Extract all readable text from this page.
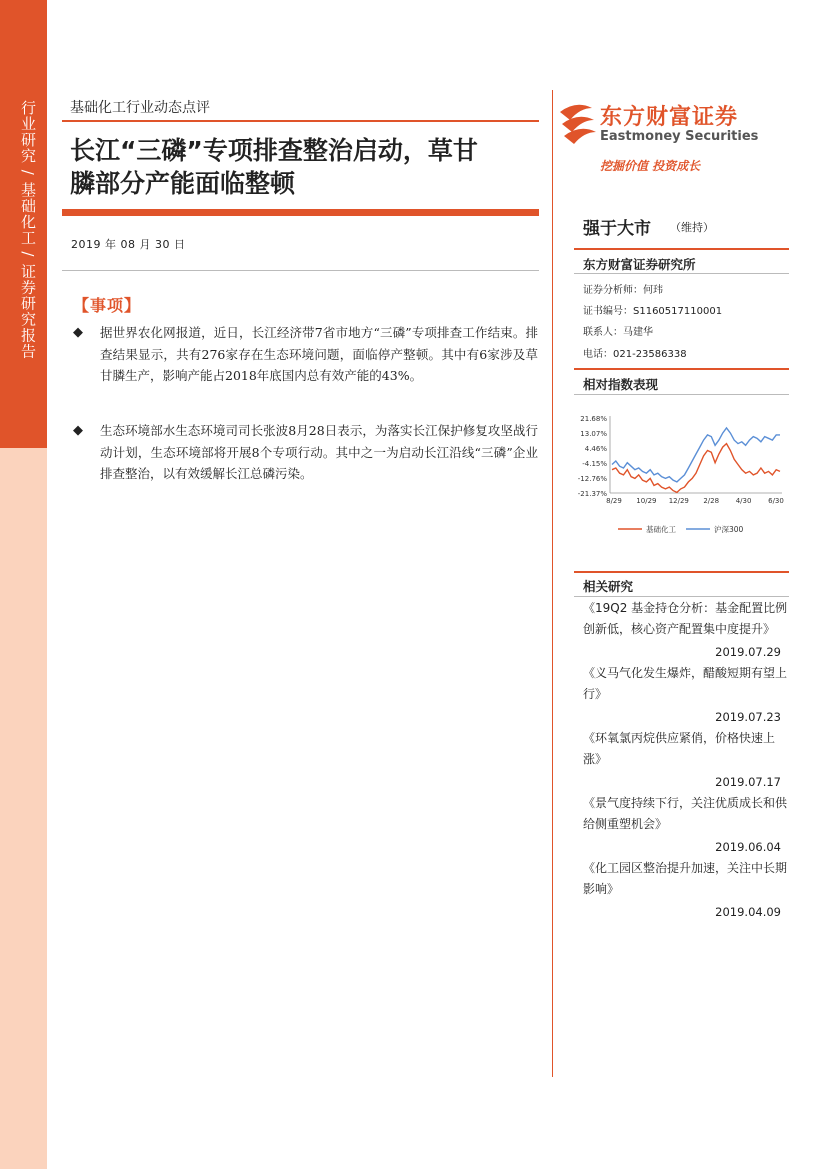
行业研究 / 基础化工 / 证券研究报告 基础化工行业动态点评
长江“三磷”专项排查整治启动，草甘
膦部分产能面临整顿
2019 年 08 月 30 日
【事项】
◆ 据世界农化网报道，近日，长江经济带7省市地方“三磷”专项排查工作结束。排查结果显示，共有276家存在生态环境问题，面临停产整顿。其中有6家涉及草甘膦生产，影响产能占2018年底国内总有效产能的43%。
◆ 生态环境部水生态环境司司长张波8月28日表示，为落实长江保护修复攻坚战行动计划，生态环境部将开展8个专项行动。其中之一为启动长江沿线“三磷”企业排查整治，以有效缓解长江总磷污染。
东方财富证券
Eastmoney Securities
挖掘价值 投资成长
强于大市 （维持）
东方财富证券研究所
证券分析师：何玮
证书编号：S1160517110001
联系人：马建华
电话：021-23586338
相对指数表现
21.68%
13.07%
4.46%
-4.15%
-12.76%
-21.37%
8/29 10/29 12/29 2/28 4/30 6/30
基础化工	沪深300
相关研究
《19Q2 基金持仓分析：基金配置比例创新低，核心资产配置集中度提升》
2019.07.29
《义马气化发生爆炸，醋酸短期有望上行》
2019.07.23
《环氧氯丙烷供应紧俏，价格快速上涨》
2019.07.17
《景气度持续下行，关注优质成长和供给侧重塑机会》
2019.06.04
《化工园区整治提升加速，关注中长期影响》
2019.04.09
